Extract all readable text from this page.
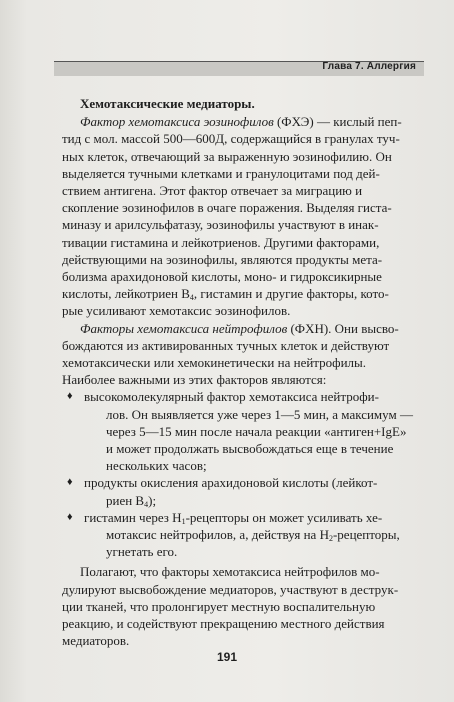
Глава 7. Аллергия
Хемотаксические медиаторы.
Фактор хемотаксиса эозинофилов (ФХЭ) — кислый пеп-
тид с мол. массой 500—600Д, содержащийся в гранулах туч-
ных клеток, отвечающий за выраженную эозинофилию. Он
выделяется тучными клетками и гранулоцитами под дей-
ствием антигена. Этот фактор отвечает за миграцию и
скопление эозинофилов в очаге поражения. Выделяя гиста-
миназу и арилсульфатазу, эозинофилы участвуют в инак-
тивации гистамина и лейкотриенов. Другими факторами,
действующими на эозинофилы, являются продукты мета-
болизма арахидоновой кислоты, моно- и гидроксикирные
кислоты, лейкотриен $В_4$, гистамин и другие факторы, кото-
рые усиливают хемотаксис эозинофилов.
Факторы хемотаксиса нейтрофилов (ФХН). Они высво-
бождаются из активированных тучных клеток и действуют
хемотаксически или хемокинетически на нейтрофилы.
Наиболее важными из этих факторов являются:
♦ высокомолекулярный фактор хемотаксиса нейтрофи-
лов. Он выявляется уже через 1—5 мин, а максимум —
через 5—15 мин после начала реакции «антиген+IgE»
и может продолжать высвобождаться еще в течение
нескольких часов;
♦ продукты окисления арахидоновой кислоты (лейкот-
риен $В_4$);
♦ гистамин через $Н_1$-рецепторы он может усиливать хе-
мотаксис нейтрофилов, а, действуя на $Н_2$-рецепторы,
угнетать его.
Полагают, что факторы хемотаксиса нейтрофилов мо-
дулируют высвобождение медиаторов, участвуют в деструк-
ции тканей, что пролонгирует местную воспалительную
реакцию, и содействуют прекращению местного действия
медиаторов.
191
